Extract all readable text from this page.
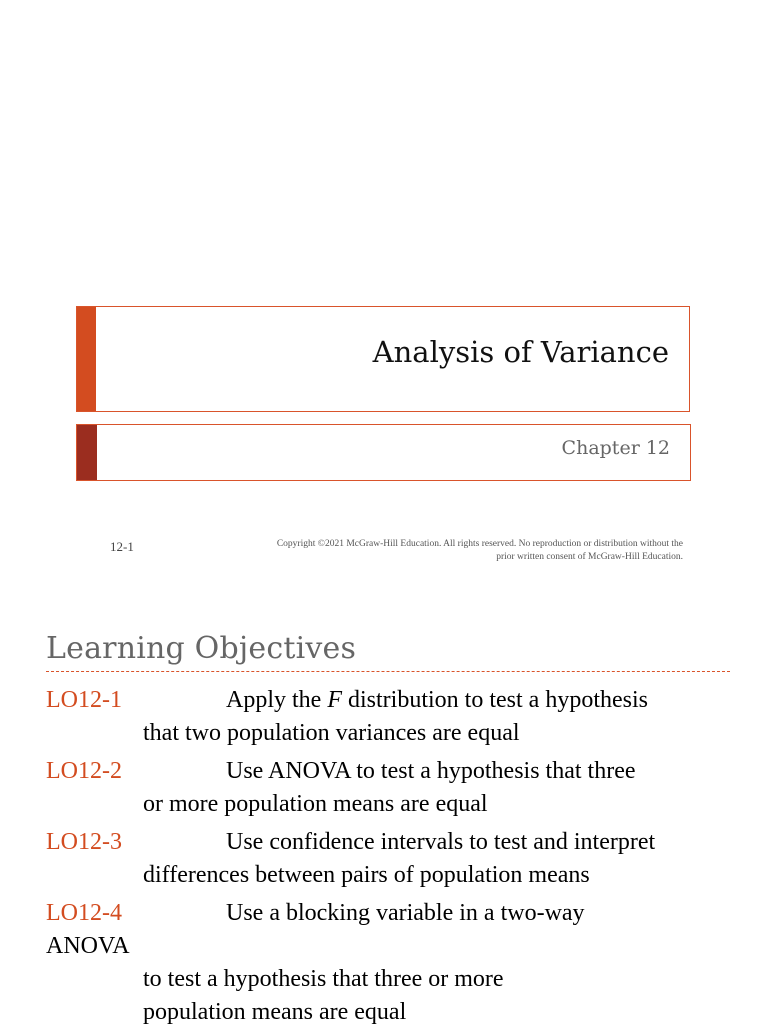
Analysis of Variance
Chapter 12
12-1	Copyright ©2021 McGraw-Hill Education. All rights reserved. No reproduction or distribution without the
prior written consent of McGraw-Hill Education.
Learning Objectives
LO12-1	Apply the F distribution to test a hypothesis
that two population variances are equal
LO12-2	Use ANOVA to test a hypothesis that three
or more population means are equal
LO12-3	Use confidence intervals to test and interpret
differences between pairs of population means
LO12-4	Use a blocking variable in a two-way
ANOVA
to test a hypothesis that three or more
population means are equal
